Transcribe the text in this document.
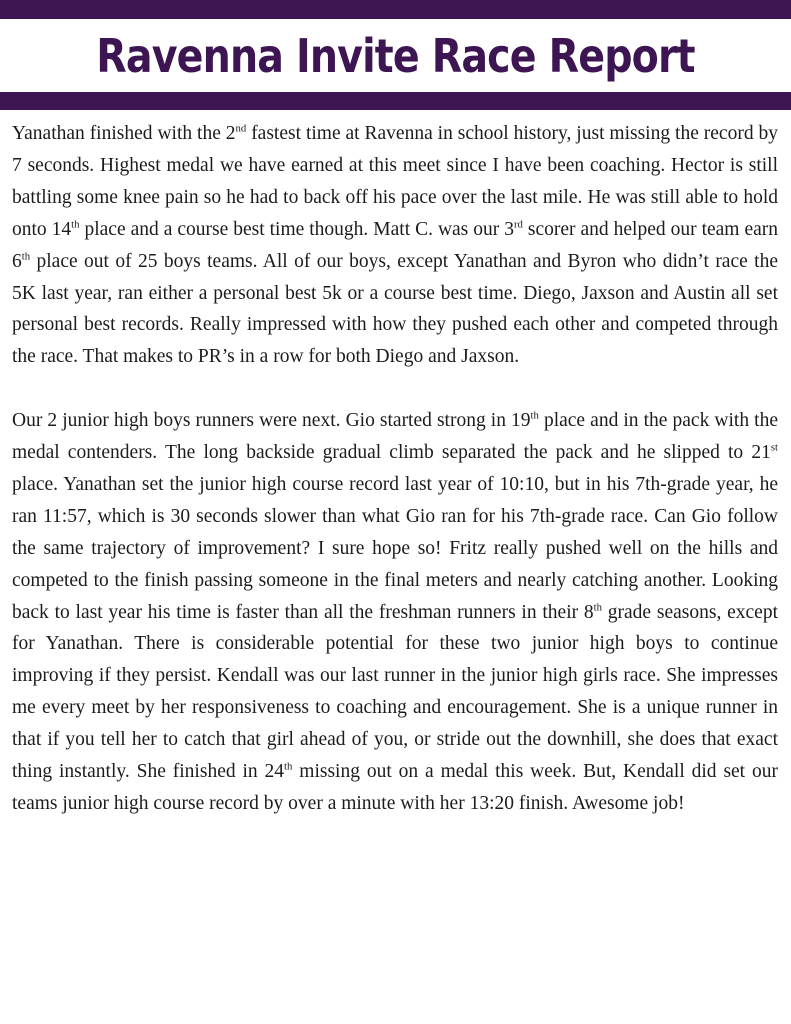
Ravenna Invite Race Report

Yanathan finished with the 2nd fastest time at Ravenna in school history, just missing the record by 7 seconds. Highest medal we have earned at this meet since I have been coaching. Hector is still battling some knee pain so he had to back off his pace over the last mile. He was still able to hold onto 14th place and a course best time though. Matt C. was our 3rd scorer and helped our team earn 6th place out of 25 boys teams. All of our boys, except Yanathan and Byron who didn’t race the 5K last year, ran either a personal best 5k or a course best time. Diego, Jaxson and Austin all set personal best records. Really impressed with how they pushed each other and competed through the race. That makes to PR’s in a row for both Diego and Jaxson.

Our 2 junior high boys runners were next. Gio started strong in 19th place and in the pack with the medal contenders. The long backside gradual climb separated the pack and he slipped to 21st place. Yanathan set the junior high course record last year of 10:10, but in his 7th-grade year, he ran 11:57, which is 30 seconds slower than what Gio ran for his 7th-grade race. Can Gio follow the same trajectory of improvement? I sure hope so! Fritz really pushed well on the hills and competed to the finish passing someone in the final meters and nearly catching another. Looking back to last year his time is faster than all the freshman runners in their 8th grade seasons, except for Yanathan. There is considerable potential for these two junior high boys to continue improving if they persist. Kendall was our last runner in the junior high girls race. She impresses me every meet by her responsiveness to coaching and encouragement. She is a unique runner in that if you tell her to catch that girl ahead of you, or stride out the downhill, she does that exact thing instantly. She finished in 24th missing out on a medal this week. But, Kendall did set our teams junior high course record by over a minute with her 13:20 finish. Awesome job!
